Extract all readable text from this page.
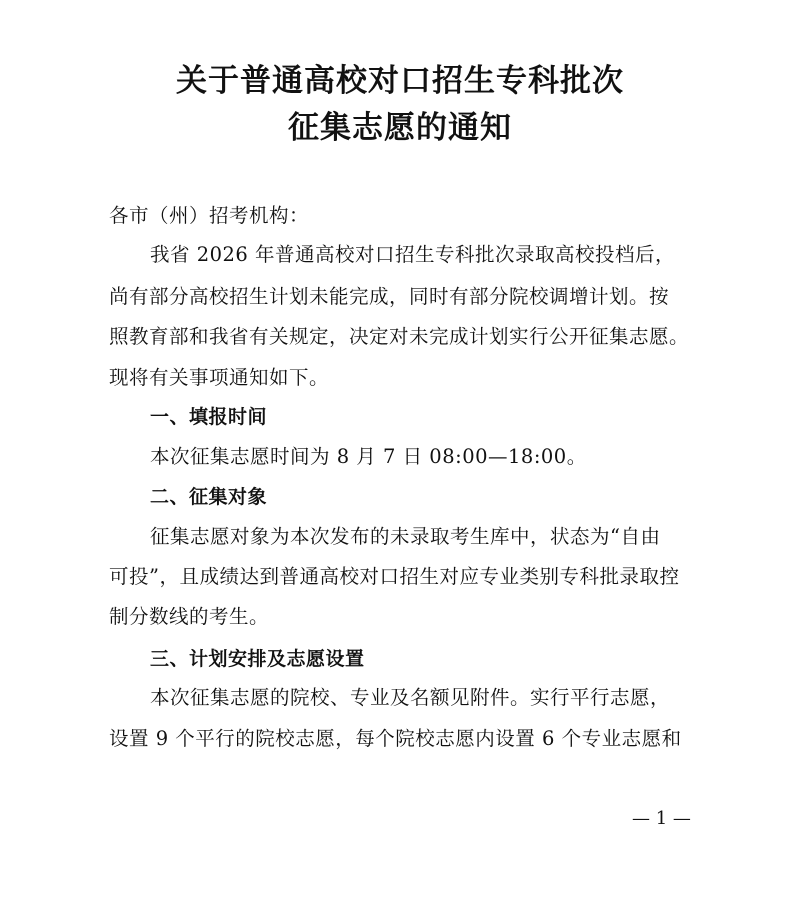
关于普通高校对口招生专科批次
征集志愿的通知
各市（州）招考机构：
我省 2026 年普通高校对口招生专科批次录取高校投档后，
尚有部分高校招生计划未能完成，同时有部分院校调增计划。按
照教育部和我省有关规定，决定对未完成计划实行公开征集志愿。
现将有关事项通知如下。
一、填报时间
本次征集志愿时间为 8 月 7 日 08:00—18:00。
二、征集对象
征集志愿对象为本次发布的未录取考生库中，状态为“自由
可投”，且成绩达到普通高校对口招生对应专业类别专科批录取控
制分数线的考生。
三、计划安排及志愿设置
本次征集志愿的院校、专业及名额见附件。实行平行志愿，
设置 9 个平行的院校志愿，每个院校志愿内设置 6 个专业志愿和
— 1 —
